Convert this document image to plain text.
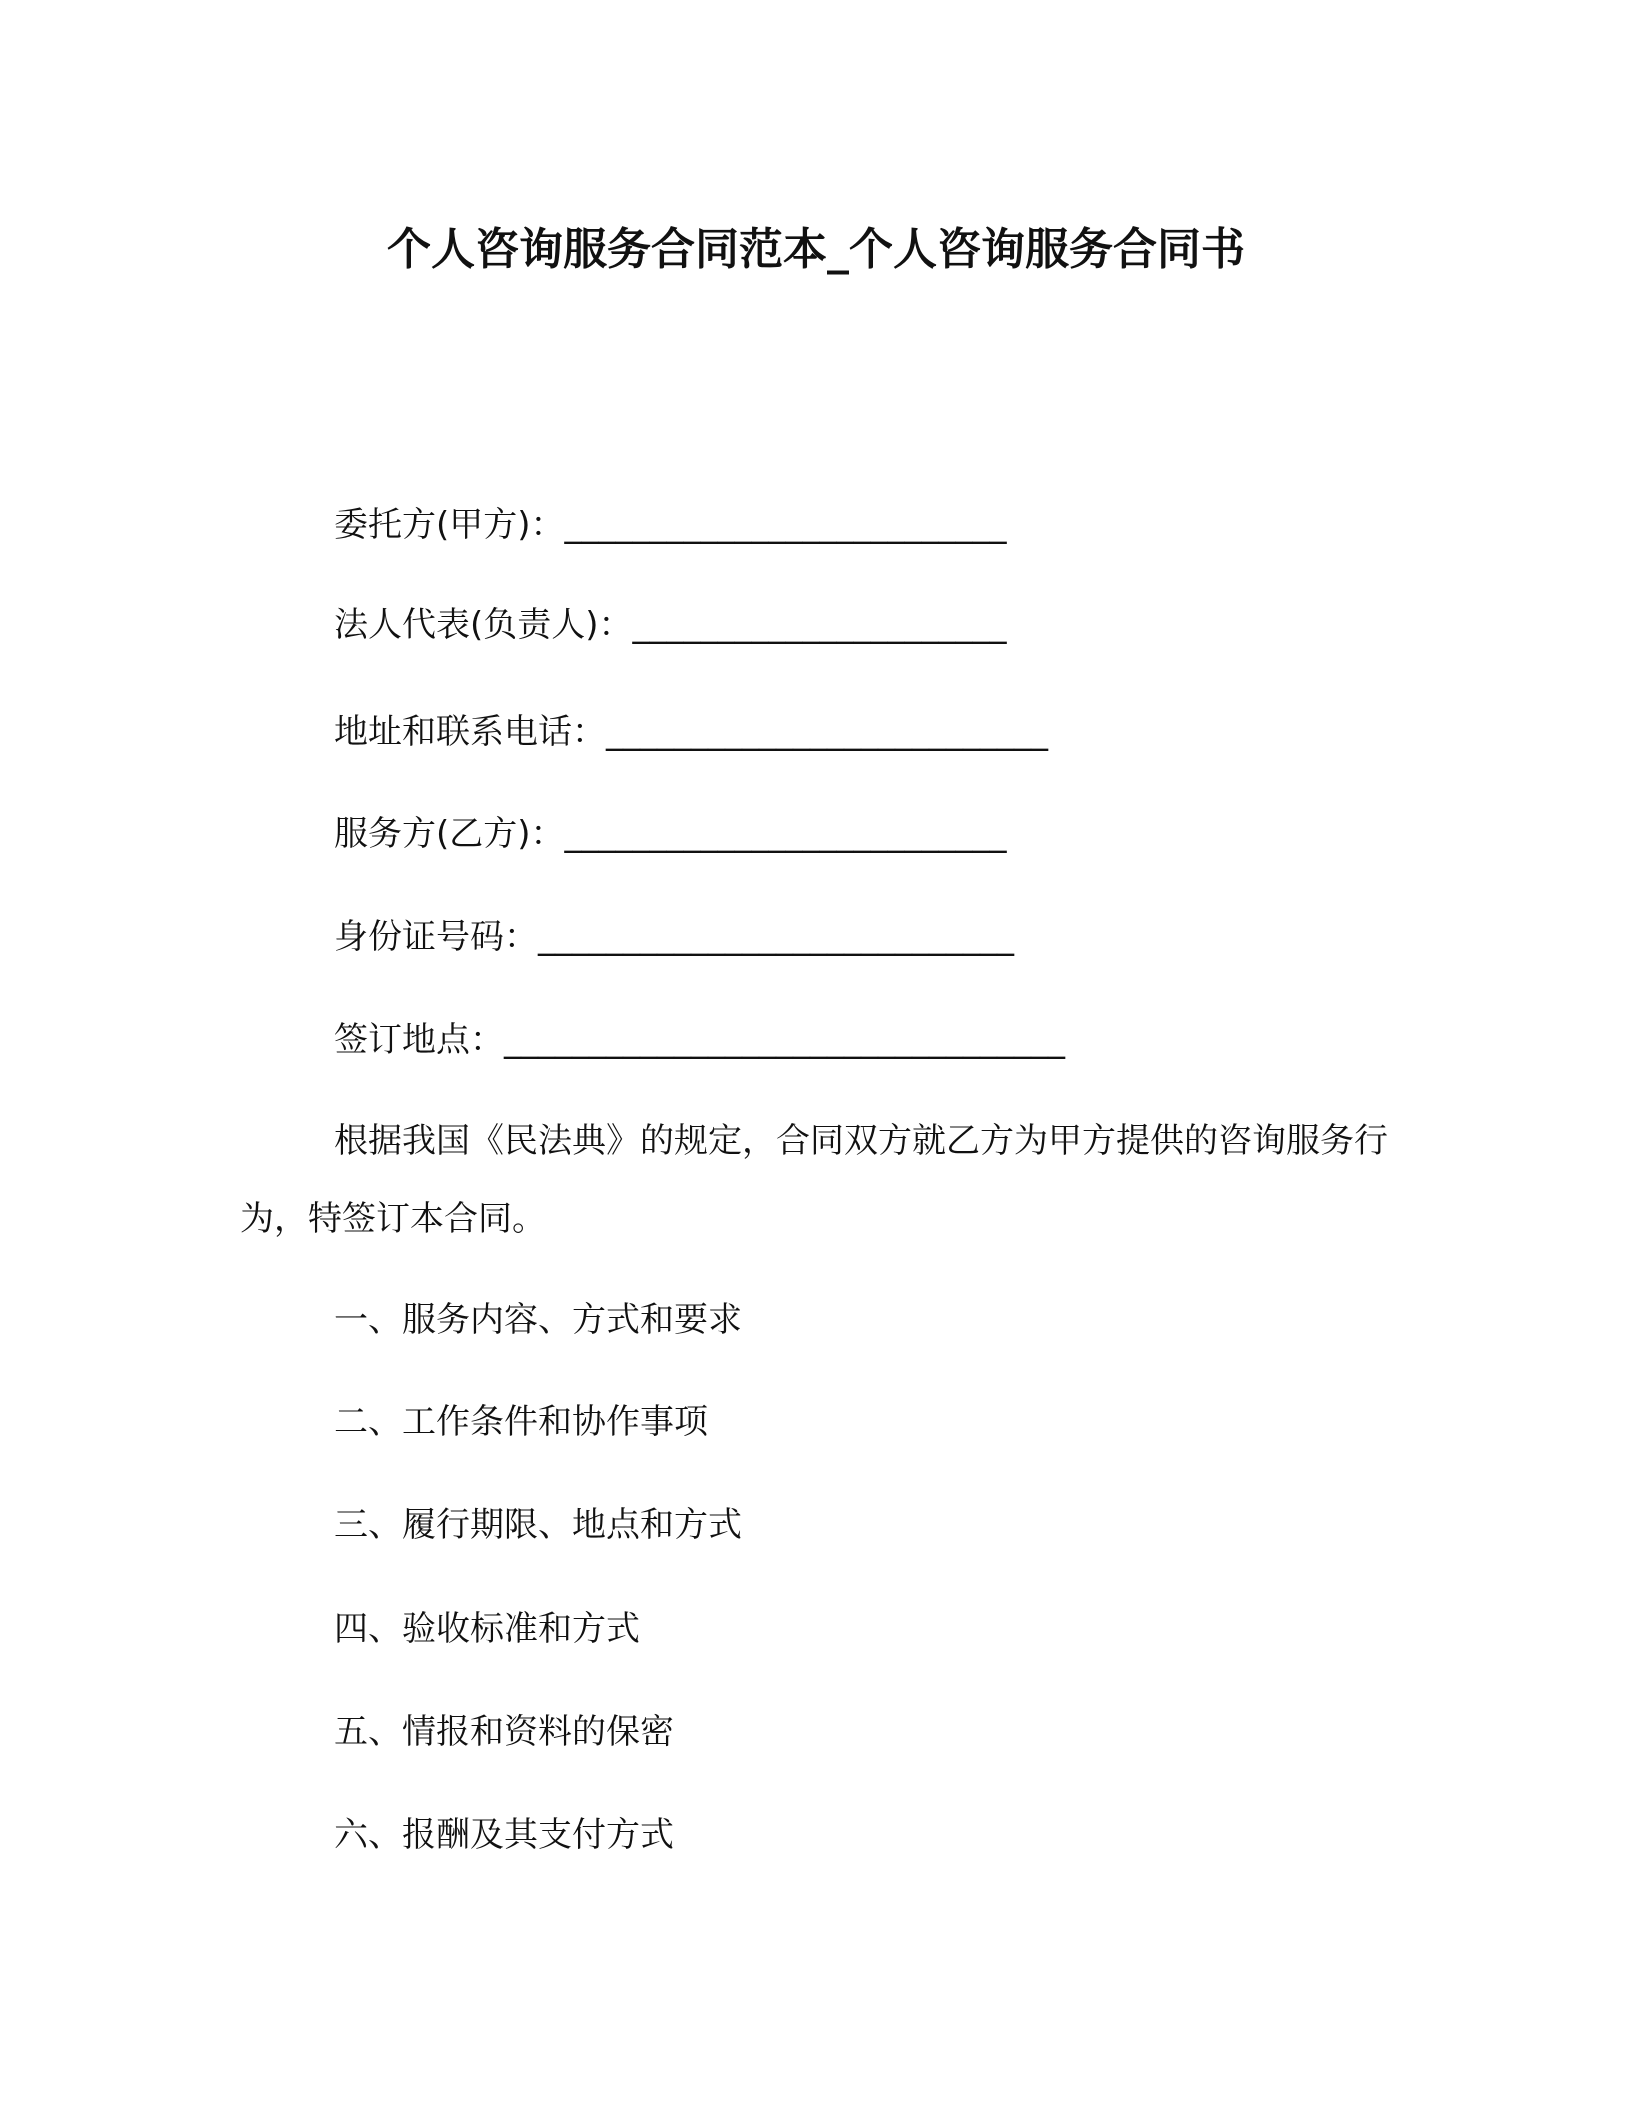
个人咨询服务合同范本_个人咨询服务合同书
委托方(甲方)：__________________________
法人代表(负责人)：______________________
地址和联系电话：__________________________
服务方(乙方)：__________________________
身份证号码：____________________________
签订地点：_________________________________
根据我国《民法典》的规定，合同双方就乙方为甲方提供的咨询服务行为，特签订本合同。
一、服务内容、方式和要求
二、工作条件和协作事项
三、履行期限、地点和方式
四、验收标准和方式
五、情报和资料的保密
六、报酬及其支付方式
